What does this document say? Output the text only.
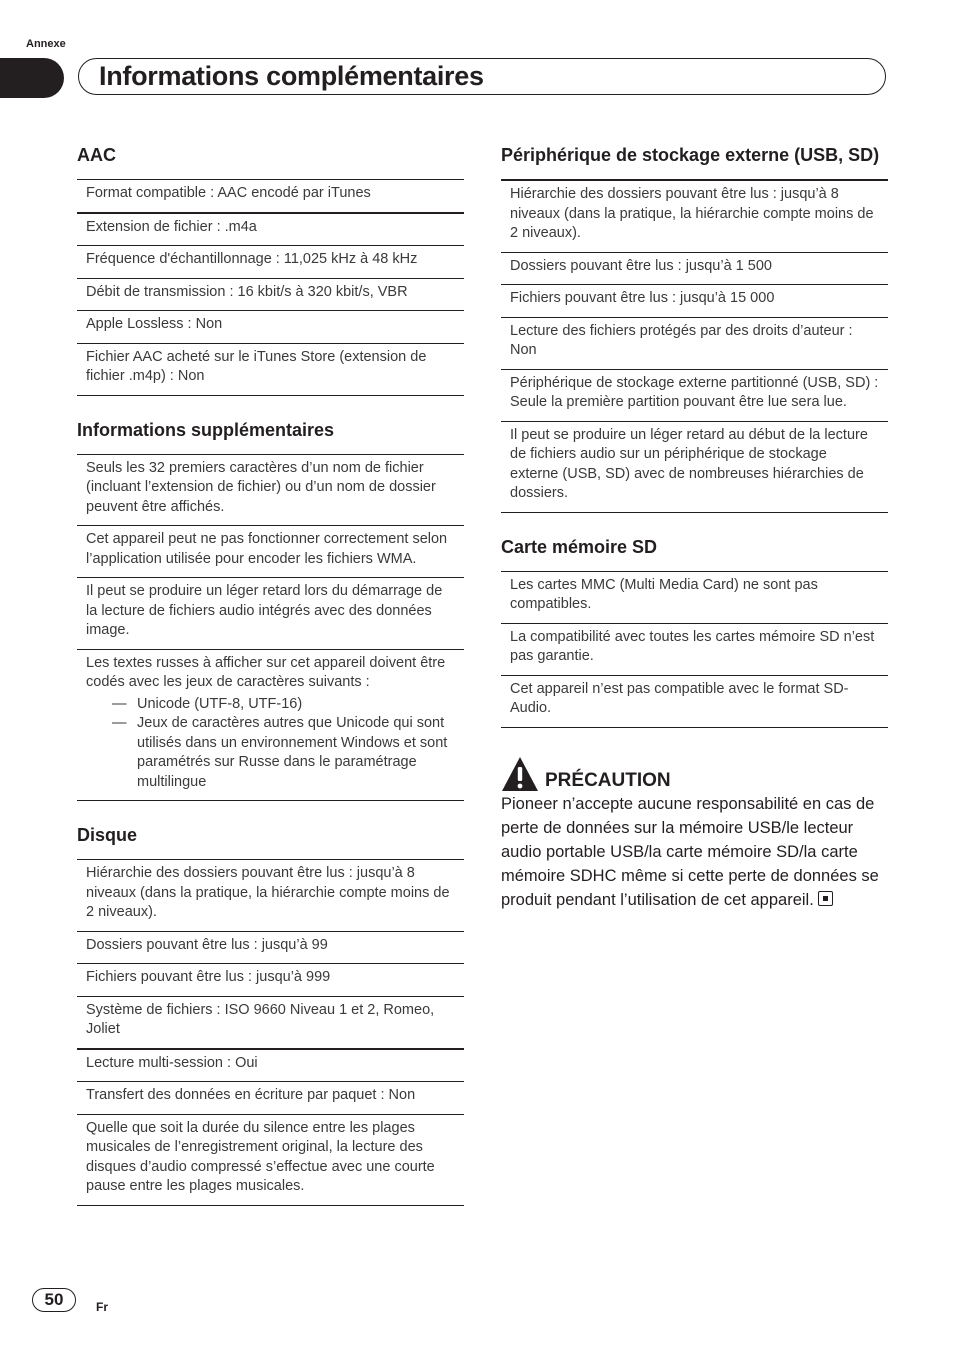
Annexe
Informations complémentaires
AAC
Format compatible : AAC encodé par iTunes
Extension de fichier : .m4a
Fréquence d'échantillonnage : 11,025 kHz à 48 kHz
Débit de transmission : 16 kbit/s à 320 kbit/s, VBR
Apple Lossless : Non
Fichier AAC acheté sur le iTunes Store (extension de fichier .m4p) : Non
Informations supplémentaires
Seuls les 32 premiers caractères d’un nom de fichier (incluant l’extension de fichier) ou d’un nom de dossier peuvent être affichés.
Cet appareil peut ne pas fonctionner correctement selon l’application utilisée pour encoder les fichiers WMA.
Il peut se produire un léger retard lors du démarrage de la lecture de fichiers audio intégrés avec des données image.
Les textes russes à afficher sur cet appareil doivent être codés avec les jeux de caractères suivants :
— Unicode (UTF-8, UTF-16)
— Jeux de caractères autres que Unicode qui sont utilisés dans un environnement Windows et sont paramétrés sur Russe dans le paramétrage multilingue
Disque
Hiérarchie des dossiers pouvant être lus : jusqu’à 8 niveaux (dans la pratique, la hiérarchie compte moins de 2 niveaux).
Dossiers pouvant être lus : jusqu’à 99
Fichiers pouvant être lus : jusqu’à 999
Système de fichiers : ISO 9660 Niveau 1 et 2, Romeo, Joliet
Lecture multi-session : Oui
Transfert des données en écriture par paquet : Non
Quelle que soit la durée du silence entre les plages musicales de l’enregistrement original, la lecture des disques d’audio compressé s’effectue avec une courte pause entre les plages musicales.
Périphérique de stockage externe (USB, SD)
Hiérarchie des dossiers pouvant être lus : jusqu’à 8 niveaux (dans la pratique, la hiérarchie compte moins de 2 niveaux).
Dossiers pouvant être lus : jusqu’à 1 500
Fichiers pouvant être lus : jusqu’à 15 000
Lecture des fichiers protégés par des droits d’auteur : Non
Périphérique de stockage externe partitionné (USB, SD) : Seule la première partition pouvant être lue sera lue.
Il peut se produire un léger retard au début de la lecture de fichiers audio sur un périphérique de stockage externe (USB, SD) avec de nombreuses hiérarchies de dossiers.
Carte mémoire SD
Les cartes MMC (Multi Media Card) ne sont pas compatibles.
La compatibilité avec toutes les cartes mémoire SD n’est pas garantie.
Cet appareil n’est pas compatible avec le format SD-Audio.
PRÉCAUTION
Pioneer n’accepte aucune responsabilité en cas de perte de données sur la mémoire USB/le lecteur audio portable USB/la carte mémoire SD/la carte mémoire SDHC même si cette perte de données se produit pendant l’utilisation de cet appareil.
50	Fr
